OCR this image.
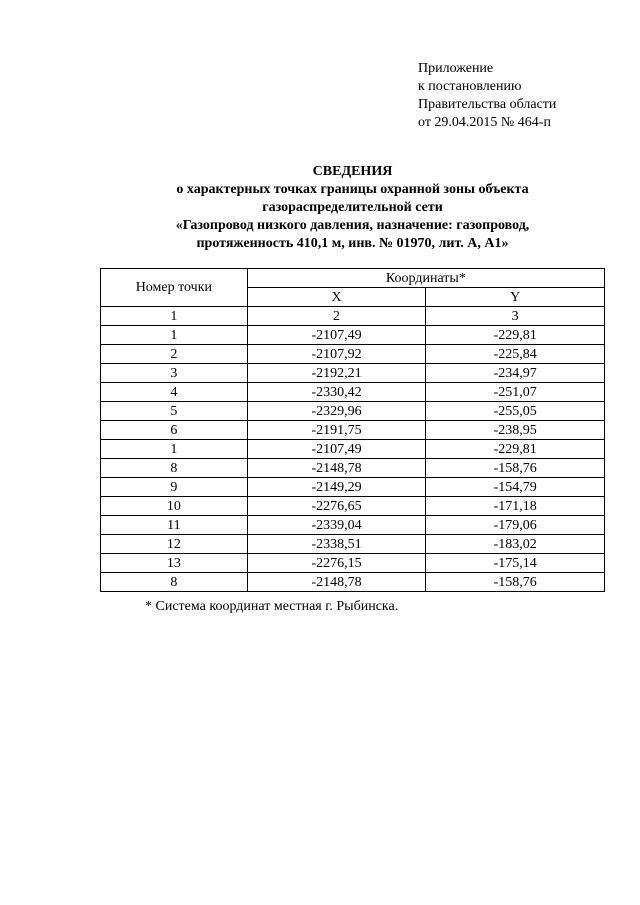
Приложение
к постановлению
Правительства области
от 29.04.2015 № 464-п
СВЕДЕНИЯ
о характерных точках границы охранной зоны объекта
газораспределительной сети
«Газопровод низкого давления, назначение: газопровод,
протяженность 410,1 м, инв. № 01970, лит. А, А1»
Номер точки	Координаты*	
	X	Y
1	2	3
1	-2107,49	-229,81
2	-2107,92	-225,84
3	-2192,21	-234,97
4	-2330,42	-251,07
5	-2329,96	-255,05
6	-2191,75	-238,95
1	-2107,49	-229,81
8	-2148,78	-158,76
9	-2149,29	-154,79
10	-2276,65	-171,18
11	-2339,04	-179,06
12	-2338,51	-183,02
13	-2276,15	-175,14
8	-2148,78	-158,76
* Система координат местная г. Рыбинска.
